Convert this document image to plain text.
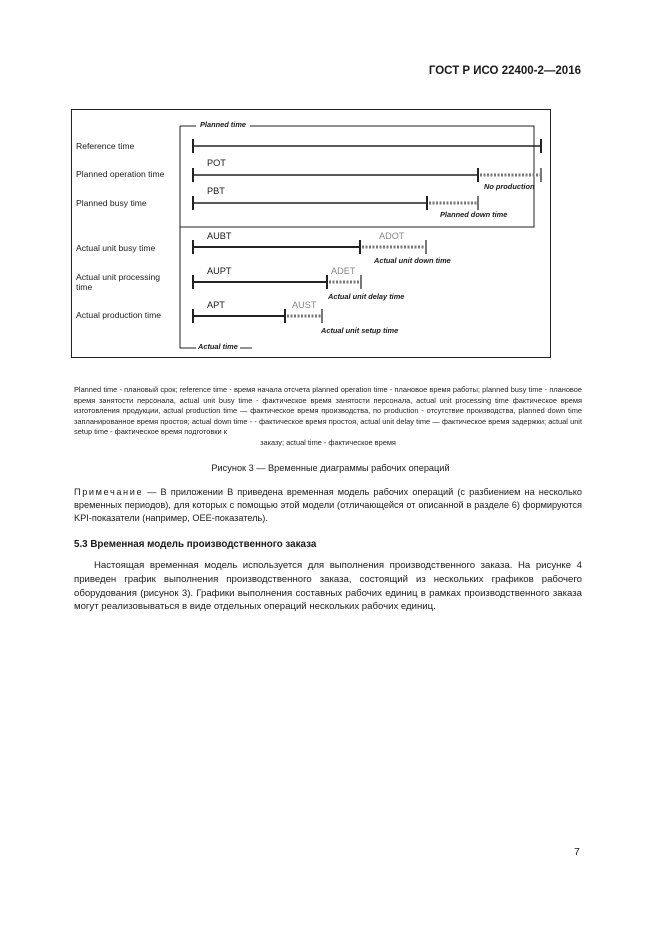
ГОСТ Р ИСО 22400-2—2016
Planned time
Actual time
Reference time
Planned operation time
Planned busy time
Actual unit busy time
Actual unit processing time
Actual production time
POT
PBT
AUBT	ADOT
AUPT	ADET
APT	AUST
No production
Planned down time
Actual unit down time
Actual unit delay time
Actual unit setup time

Planned time - плановый срок; reference time - время начала отсчета planned operation time - плановое время работы; planned busy time - плановое время занятости персонала, actual unit busy time - фактическое время занятости персонала, actual unit processing time фактическое время изготовления продукции, actual production time — фактическое время производства, по production - отсутствие производства, planned down time запланированное время простоя; actual down time - - фактическое время простоя, actual unit delay time — фактическое время задержки; actual unit setup time - фактическое время подготовки к

заказу; actual time - фактическое время

Рисунок 3 — Временные диаграммы рабочих операций
Примечание — В приложении В приведена временная модель рабочих операций (с разбиением на несколько временных периодов), для которых с помощью этой модели (отличающейся от описанной в разделе 6) формируются KPI-показатели (например, OEE-показатель).
5.3 Временная модель производственного заказа
Настоящая временная модель используется для выполнения производственного заказа. На рисунке 4 приведен график выполнения производственного заказа, состоящий из нескольких графиков рабочего оборудования (рисунок 3). Графики выполнения составных рабочих единиц в рамках производственного заказа могут реализовываться в виде отдельных операций нескольких рабочих единиц.
7
